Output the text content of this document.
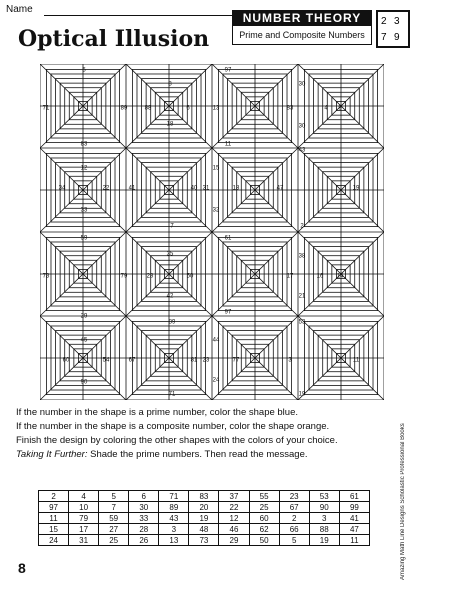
Name
NUMBER THEORY
Prime and Composite Numbers
2 3
7 9
Optical Illusion
5	97
71	89
8
18
88	6	13	83
30
30
4 9
83	11
43
12
33
34	22	41	31
15
32
40	18	47	19
7	2
59	61
35
42
28	50
73	79	17
38
21
16 14
29
97
89	53
45
90
60	54	67	23
44
24
81	77	3	11
71	19

If the number in the shape is a prime number, color the shape blue.

If the number in the shape is a composite number, color the shape orange.

Finish the design by coloring the other shapes with the colors of your choice.

Taking It Further: Shade the prime numbers. Then read the message.

2	4	5	6	71	83	37	55	23	53	61
97	10	7	30	89	20	22	25	67	90	99
11	79	59	33	43	19	12	60	2	3	41
15	17	27	28	3	48	46	62	66	88	47
24	31	25	26	13	73	29	50	5	19	11
8	Amazing Math Line Designs Scholastic Professional Books
